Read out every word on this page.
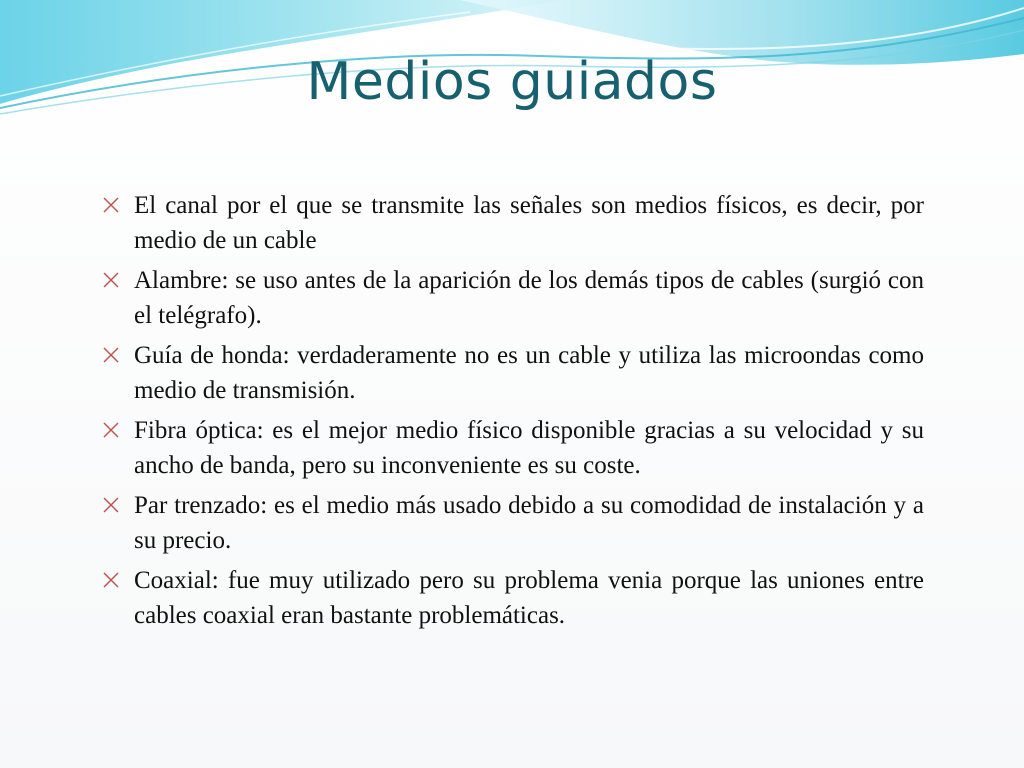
Medios guiados
El canal por el que se transmite las señales son medios físicos, es decir, por medio de un cable
Alambre: se uso antes de la aparición de los demás tipos de cables (surgió con el telégrafo).
Guía de honda: verdaderamente no es un cable y utiliza las microondas como medio de transmisión.
Fibra óptica: es el mejor medio físico disponible gracias a su velocidad y su ancho de banda, pero su inconveniente es su coste.
Par trenzado: es el medio más usado debido a su comodidad de instalación y a su precio.
Coaxial: fue muy utilizado pero su problema venia porque las uniones entre cables coaxial eran bastante problemáticas.
